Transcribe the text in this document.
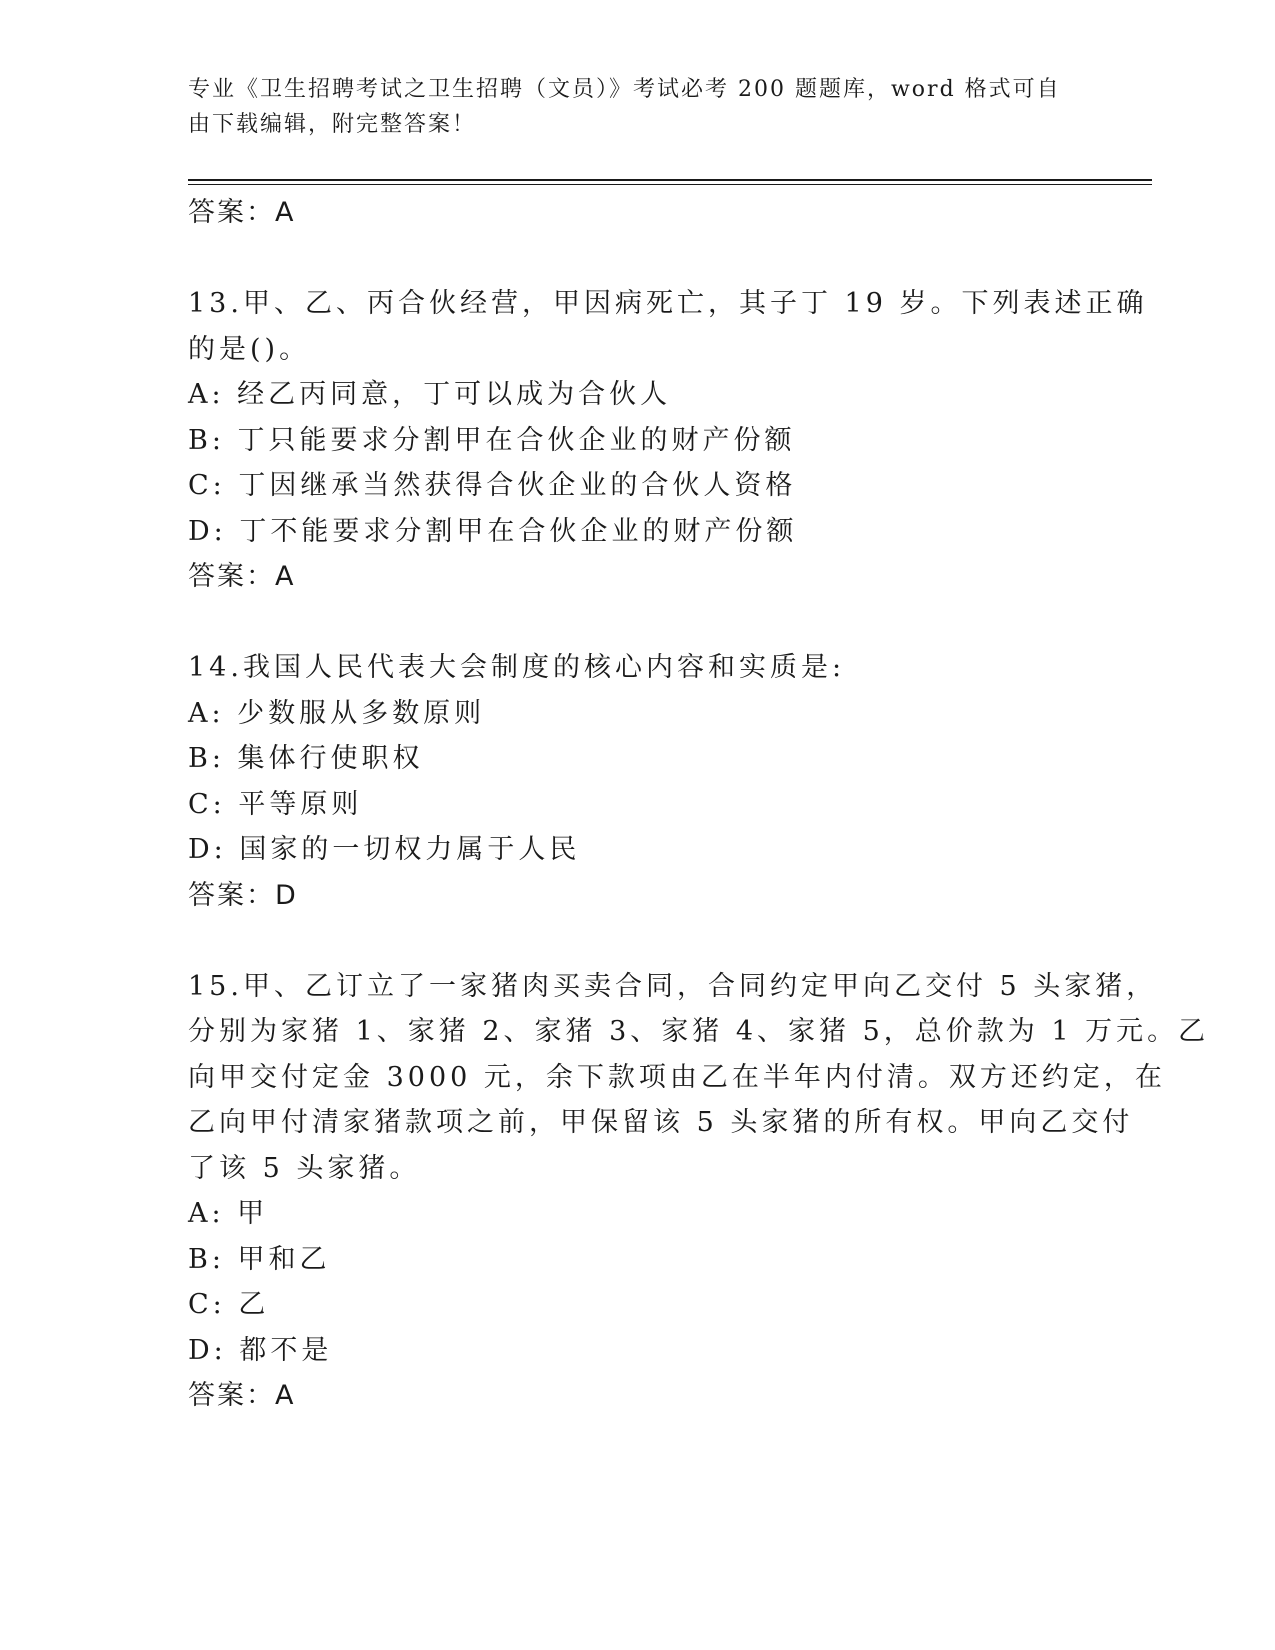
专业《卫生招聘考试之卫生招聘（文员）》考试必考 200 题题库，word 格式可自
由下载编辑，附完整答案！
答案：A
13.甲、乙、丙合伙经营，甲因病死亡，其子丁 19 岁。下列表述正确
的是()。
A: 经乙丙同意，丁可以成为合伙人
B: 丁只能要求分割甲在合伙企业的财产份额
C: 丁因继承当然获得合伙企业的合伙人资格
D: 丁不能要求分割甲在合伙企业的财产份额
答案：A
14.我国人民代表大会制度的核心内容和实质是:
A: 少数服从多数原则
B: 集体行使职权
C: 平等原则
D: 国家的一切权力属于人民
答案：D
15.甲、乙订立了一家猪肉买卖合同，合同约定甲向乙交付 5 头家猪，
分别为家猪 1、家猪 2、家猪 3、家猪 4、家猪 5，总价款为 1 万元。乙
向甲交付定金 3000 元，余下款项由乙在半年内付清。双方还约定，在
乙向甲付清家猪款项之前，甲保留该 5 头家猪的所有权。甲向乙交付
了该 5 头家猪。
A: 甲
B: 甲和乙
C: 乙
D: 都不是
答案：A
